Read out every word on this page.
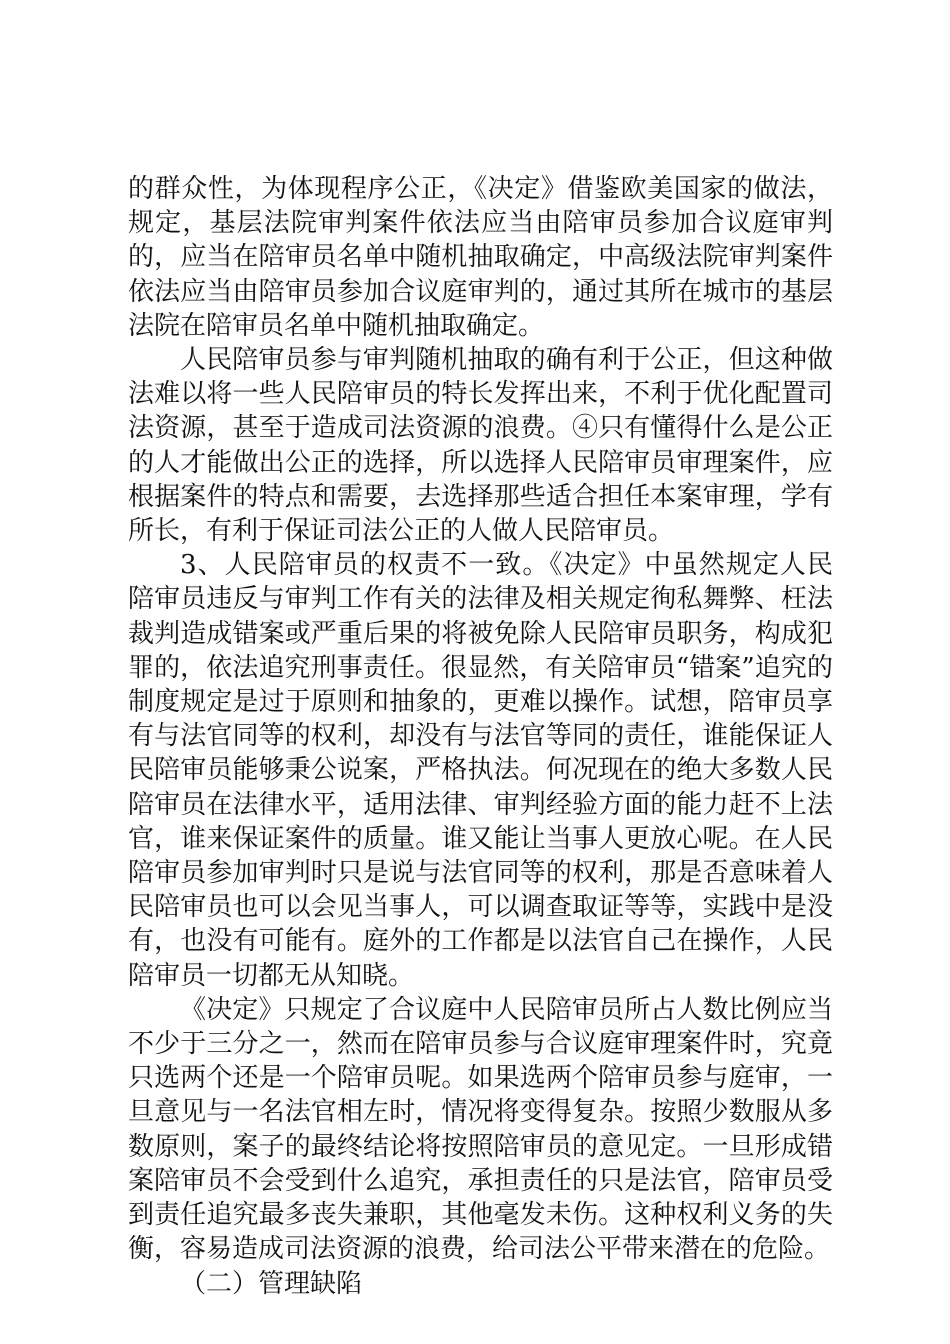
的群众性，为体现程序公正，《决定》借鉴欧美国家的做法，规定，基层法院审判案件依法应当由陪审员参加合议庭审判的，应当在陪审员名单中随机抽取确定，中高级法院审判案件依法应当由陪审员参加合议庭审判的，通过其所在城市的基层法院在陪审员名单中随机抽取确定。

人民陪审员参与审判随机抽取的确有利于公正，但这种做法难以将一些人民陪审员的特长发挥出来，不利于优化配置司法资源，甚至于造成司法资源的浪费。④只有懂得什么是公正的人才能做出公正的选择，所以选择人民陪审员审理案件，应根据案件的特点和需要，去选择那些适合担任本案审理，学有所长，有利于保证司法公正的人做人民陪审员。

3、人民陪审员的权责不一致。《决定》中虽然规定人民陪审员违反与审判工作有关的法律及相关规定徇私舞弊、枉法裁判造成错案或严重后果的将被免除人民陪审员职务，构成犯罪的，依法追究刑事责任。很显然，有关陪审员“错案”追究的制度规定是过于原则和抽象的，更难以操作。试想，陪审员享有与法官同等的权利，却没有与法官等同的责任，谁能保证人民陪审员能够秉公说案，严格执法。何况现在的绝大多数人民陪审员在法律水平，适用法律、审判经验方面的能力赶不上法官，谁来保证案件的质量。谁又能让当事人更放心呢。在人民陪审员参加审判时只是说与法官同等的权利，那是否意味着人民陪审员也可以会见当事人，可以调查取证等等，实践中是没有，也没有可能有。庭外的工作都是以法官自己在操作，人民陪审员一切都无从知晓。

《决定》只规定了合议庭中人民陪审员所占人数比例应当不少于三分之一，然而在陪审员参与合议庭审理案件时，究竟只选两个还是一个陪审员呢。如果选两个陪审员参与庭审，一旦意见与一名法官相左时，情况将变得复杂。按照少数服从多数原则，案子的最终结论将按照陪审员的意见定。一旦形成错案陪审员不会受到什么追究，承担责任的只是法官，陪审员受到责任追究最多丧失兼职，其他毫发未伤。这种权利义务的失衡，容易造成司法资源的浪费，给司法公平带来潜在的危险。

（二）管理缺陷
